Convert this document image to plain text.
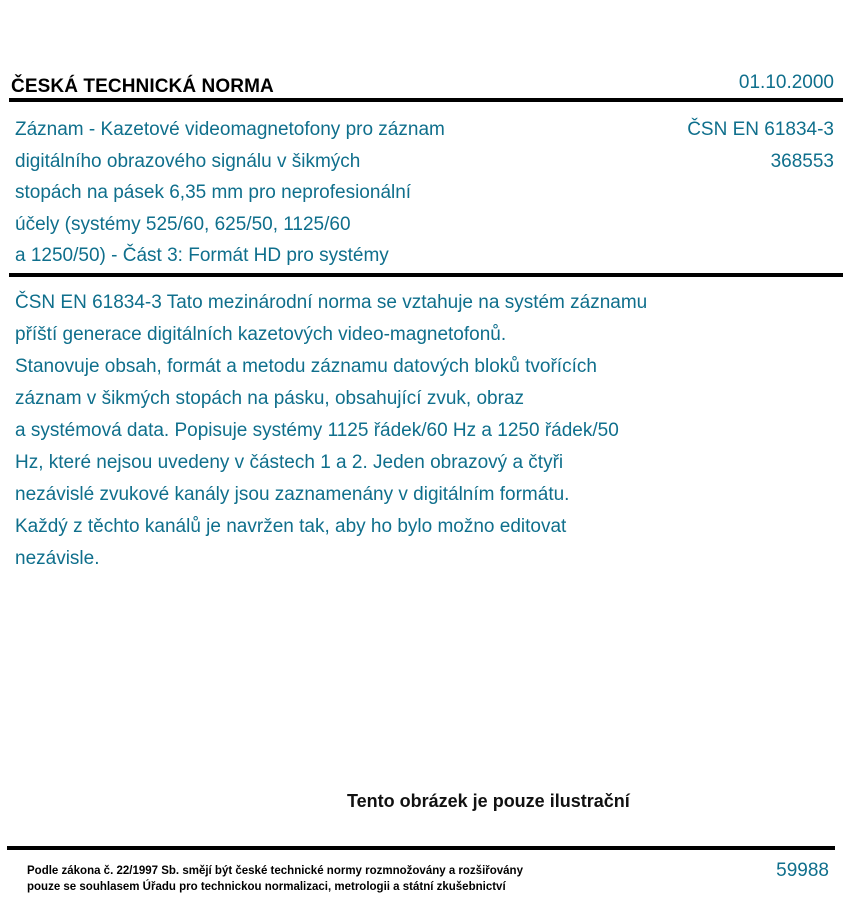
ČESKÁ TECHNICKÁ NORMA	01.10.2000
Záznam - Kazetové videomagnetofony pro záznam
digitálního obrazového signálu v šikmých
stopách na pásek 6,35 mm pro neprofesionální
účely (systémy 525/60, 625/50, 1125/60
a 1250/50) - Část 3: Formát HD pro systémy
ČSN EN 61834-3
368553
ČSN EN 61834-3 Tato mezinárodní norma se vztahuje na systém záznamu
příští generace digitálních kazetových video-magnetofonů.
Stanovuje obsah, formát a metodu záznamu datových bloků tvořících
záznam v šikmých stopách na pásku, obsahující zvuk, obraz
a systémová data. Popisuje systémy 1125 řádek/60 Hz a 1250 řádek/50
Hz, které nejsou uvedeny v částech 1 a 2. Jeden obrazový a čtyři
nezávislé zvukové kanály jsou zaznamenány v digitálním formátu.
Každý z těchto kanálů je navržen tak, aby ho bylo možno editovat
nezávisle.
Tento obrázek je pouze ilustrační
Podle zákona č. 22/1997 Sb. smějí být české technické normy rozmnožovány a rozšiřovány
pouze se souhlasem Úřadu pro technickou normalizaci, metrologii a státní zkušebnictví
59988
